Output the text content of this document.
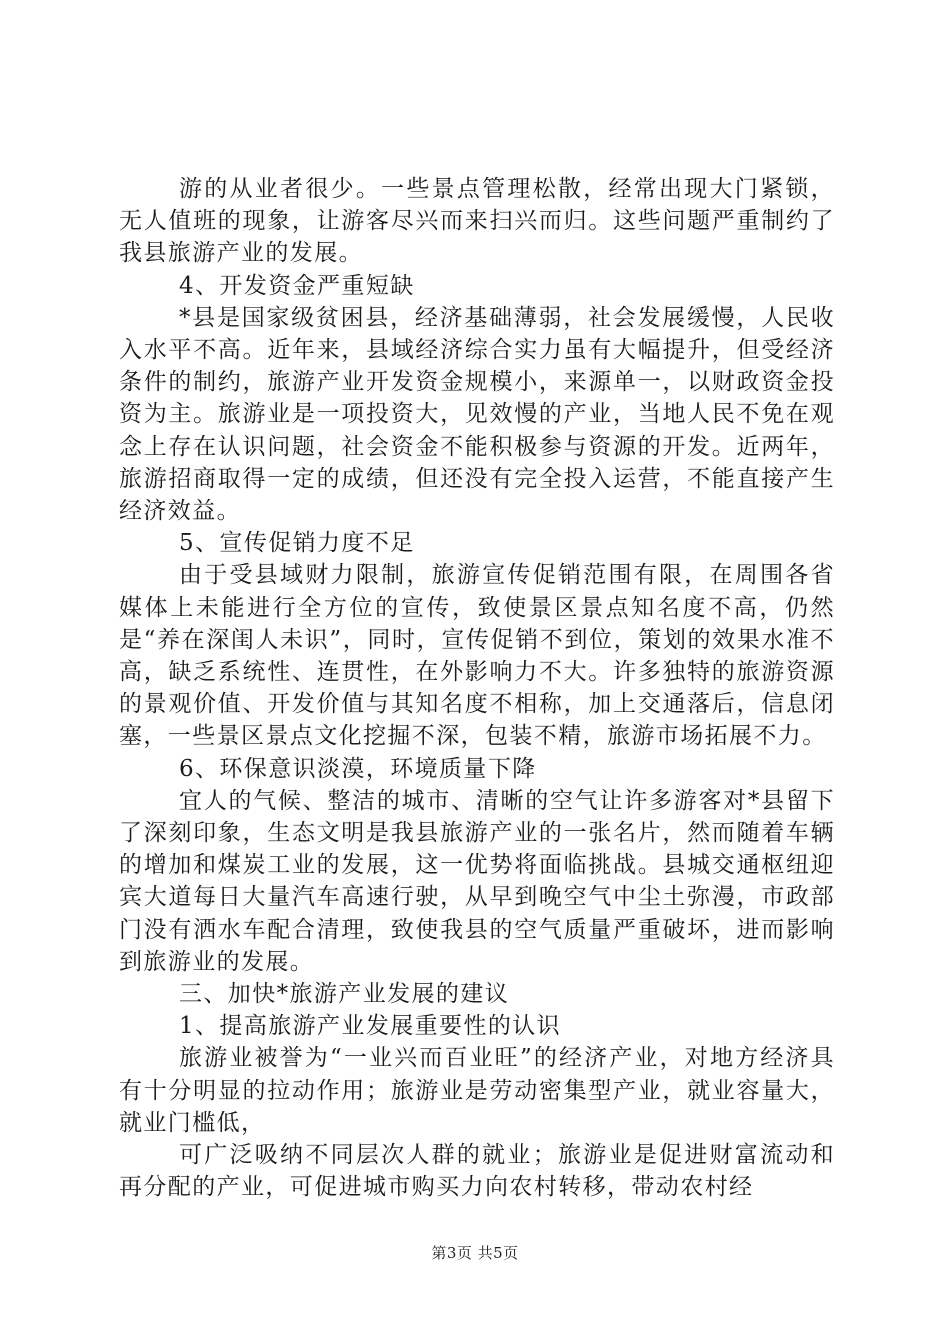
游的从业者很少。一些景点管理松散，经常出现大门紧锁，无人值班的现象，让游客尽兴而来扫兴而归。这些问题严重制约了我县旅游产业的发展。

4、开发资金严重短缺

*县是国家级贫困县，经济基础薄弱，社会发展缓慢，人民收入水平不高。近年来，县域经济综合实力虽有大幅提升，但受经济条件的制约，旅游产业开发资金规模小，来源单一，以财政资金投资为主。旅游业是一项投资大，见效慢的产业，当地人民不免在观念上存在认识问题，社会资金不能积极参与资源的开发。近两年，旅游招商取得一定的成绩，但还没有完全投入运营，不能直接产生经济效益。

5、宣传促销力度不足

由于受县域财力限制，旅游宣传促销范围有限，在周围各省媒体上未能进行全方位的宣传，致使景区景点知名度不高，仍然是“养在深闺人未识”，同时，宣传促销不到位，策划的效果水准不高，缺乏系统性、连贯性，在外影响力不大。许多独特的旅游资源的景观价值、开发价值与其知名度不相称，加上交通落后，信息闭塞，一些景区景点文化挖掘不深，包装不精，旅游市场拓展不力。

6、环保意识淡漠，环境质量下降

宜人的气候、整洁的城市、清晰的空气让许多游客对*县留下了深刻印象，生态文明是我县旅游产业的一张名片，然而随着车辆的增加和煤炭工业的发展，这一优势将面临挑战。县城交通枢纽迎宾大道每日大量汽车高速行驶，从早到晚空气中尘土弥漫，市政部门没有洒水车配合清理，致使我县的空气质量严重破坏，进而影响到旅游业的发展。

三、加快*旅游产业发展的建议

1、提高旅游产业发展重要性的认识

旅游业被誉为“一业兴而百业旺”的经济产业，对地方经济具有十分明显的拉动作用；旅游业是劳动密集型产业，就业容量大，就业门槛低，

可广泛吸纳不同层次人群的就业；旅游业是促进财富流动和再分配的产业，可促进城市购买力向农村转移，带动农村经

第3页 共5页
